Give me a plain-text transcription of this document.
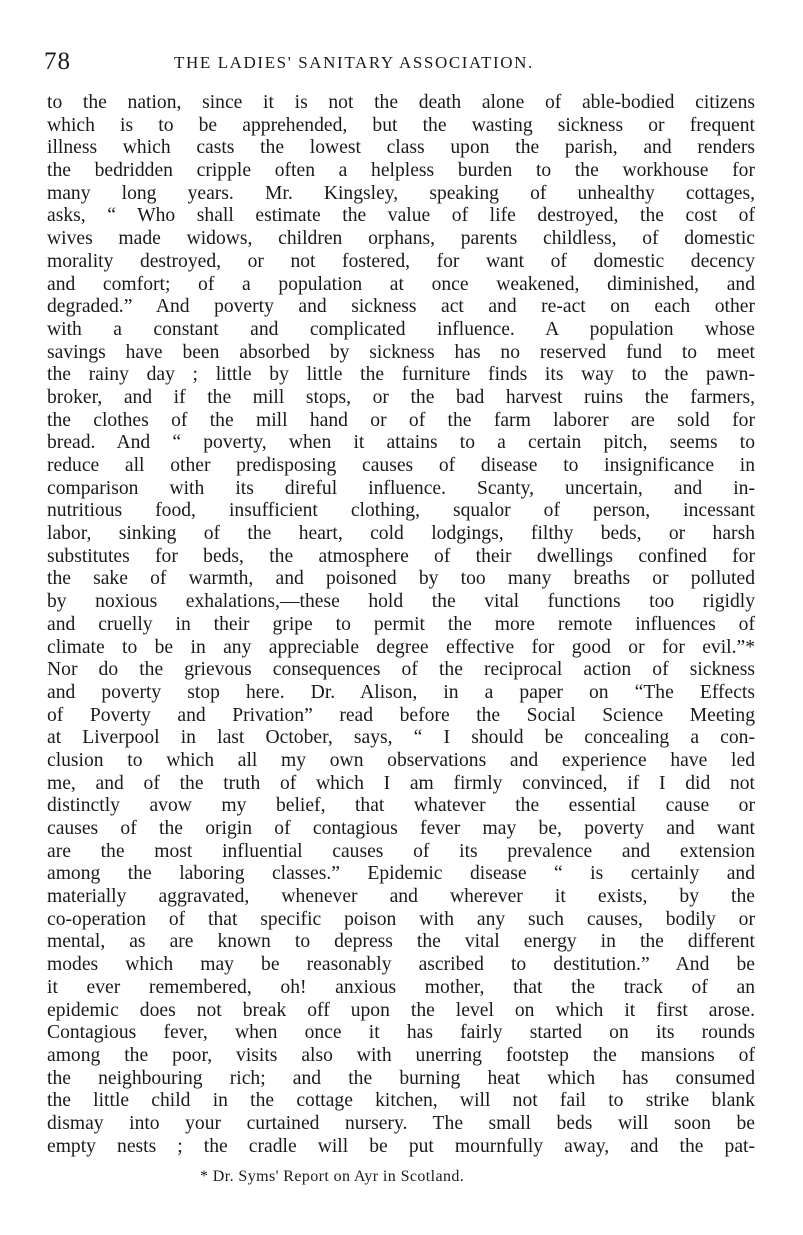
78	THE LADIES' SANITARY ASSOCIATION.
to the nation, since it is not the death alone of able-bodied citizens
which is to be apprehended, but the wasting sickness or frequent
illness which casts the lowest class upon the parish, and renders
the bedridden cripple often a helpless burden to the workhouse for
many long years. Mr. Kingsley, speaking of unhealthy cottages,
asks, “ Who shall estimate the value of life destroyed, the cost of
wives made widows, children orphans, parents childless, of domestic
morality destroyed, or not fostered, for want of domestic decency
and comfort; of a population at once weakened, diminished, and
degraded.” And poverty and sickness act and re-act on each other
with a constant and complicated influence. A population whose
savings have been absorbed by sickness has no reserved fund to meet
the rainy day ; little by little the furniture finds its way to the pawn-
broker, and if the mill stops, or the bad harvest ruins the farmers,
the clothes of the mill hand or of the farm laborer are sold for
bread. And “ poverty, when it attains to a certain pitch, seems to
reduce all other predisposing causes of disease to insignificance in
comparison with its direful influence. Scanty, uncertain, and in-
nutritious food, insufficient clothing, squalor of person, incessant
labor, sinking of the heart, cold lodgings, filthy beds, or harsh
substitutes for beds, the atmosphere of their dwellings confined for
the sake of warmth, and poisoned by too many breaths or polluted
by noxious exhalations,—these hold the vital functions too rigidly
and cruelly in their gripe to permit the more remote influences of
climate to be in any appreciable degree effective for good or for evil.”*
Nor do the grievous consequences of the reciprocal action of sickness
and poverty stop here. Dr. Alison, in a paper on “The Effects
of Poverty and Privation” read before the Social Science Meeting
at Liverpool in last October, says, “ I should be concealing a con-
clusion to which all my own observations and experience have led
me, and of the truth of which I am firmly convinced, if I did not
distinctly avow my belief, that whatever the essential cause or
causes of the origin of contagious fever may be, poverty and want
are the most influential causes of its prevalence and extension
among the laboring classes.” Epidemic disease “ is certainly and
materially aggravated, whenever and wherever it exists, by the
co-operation of that specific poison with any such causes, bodily or
mental, as are known to depress the vital energy in the different
modes which may be reasonably ascribed to destitution.” And be
it ever remembered, oh! anxious mother, that the track of an
epidemic does not break off upon the level on which it first arose.
Contagious fever, when once it has fairly started on its rounds
among the poor, visits also with unerring footstep the mansions of
the neighbouring rich; and the burning heat which has consumed
the little child in the cottage kitchen, will not fail to strike blank
dismay into your curtained nursery. The small beds will soon be
empty nests ; the cradle will be put mournfully away, and the pat-
* Dr. Syms' Report on Ayr in Scotland.
